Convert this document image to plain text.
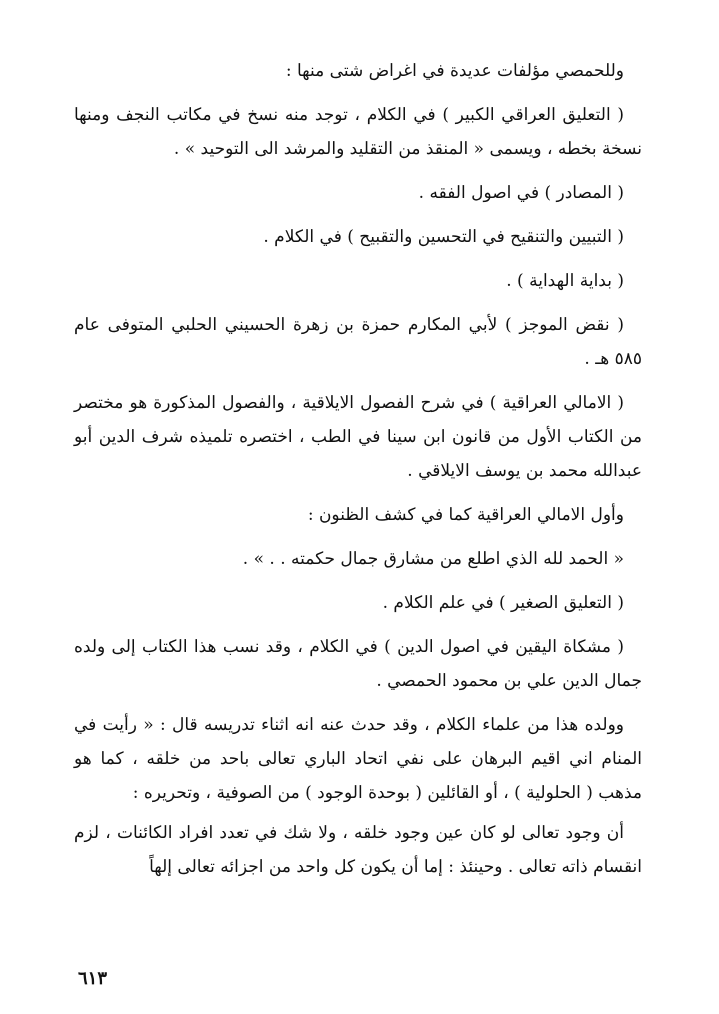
وللحمصي مؤلفات عديدة في اغراض شتى منها :

( التعليق العراقي الكبير ) في الكلام ، توجد منه نسخ في مكاتب النجف ومنها نسخة بخطه ، ويسمى « المنقذ من التقليد والمرشد الى التوحيد » .

( المصادر ) في اصول الفقه .

( التبيين والتنقيح في التحسين والتقبيح ) في الكلام .

( بداية الهداية ) .

( نقض الموجز ) لأبي المكارم حمزة بن زهرة الحسيني الحلبي المتوفى عام ٥٨٥ هـ .

( الامالي العراقية ) في شرح الفصول الايلاقية ، والفصول المذكورة هو مختصر من الكتاب الأول من قانون ابن سينا في الطب ، اختصره تلميذه شرف الدين أبو عبدالله محمد بن يوسف الايلاقي .

وأول الامالي العراقية كما في كشف الظنون :

« الحمد لله الذي اطلع من مشارق جمال حكمته . . » .

( التعليق الصغير ) في علم الكلام .

( مشكاة اليقين في اصول الدين ) في الكلام ، وقد نسب هذا الكتاب إلى ولده جمال الدين علي بن محمود الحمصي .

وولده هذا من علماء الكلام ، وقد حدث عنه انه اثناء تدريسه قال : « رأيت في المنام اني اقيم البرهان على نفي اتحاد الباري تعالى باحد من خلقه ، كما هو مذهب ( الحلولية ) ، أو القائلين ( بوحدة الوجود ) من الصوفية ، وتحريره :

أن وجود تعالى لو كان عين وجود خلقه ، ولا شك في تعدد افراد الكائنات ، لزم انقسام ذاته تعالى . وحينئذ : إما أن يكون كل واحد من اجزائه تعالى إلهاً

٦١٣
